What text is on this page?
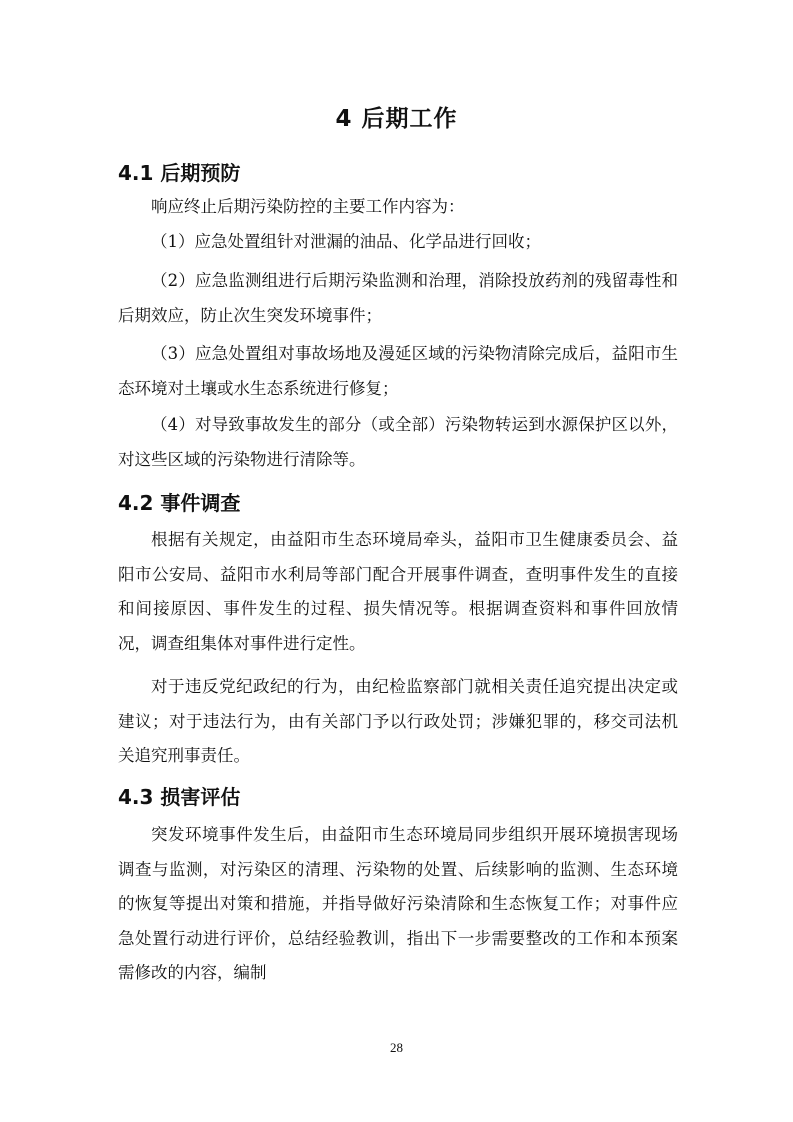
4 后期工作
4.1 后期预防

响应终止后期污染防控的主要工作内容为：

（1）应急处置组针对泄漏的油品、化学品进行回收；

（2）应急监测组进行后期污染监测和治理，消除投放药剂的残留毒性和后期效应，防止次生突发环境事件；

（3）应急处置组对事故场地及漫延区域的污染物清除完成后，益阳市生态环境对土壤或水生态系统进行修复；

（4）对导致事故发生的部分（或全部）污染物转运到水源保护区以外，对这些区域的污染物进行清除等。

4.2 事件调查

根据有关规定，由益阳市生态环境局牵头，益阳市卫生健康委员会、益阳市公安局、益阳市水利局等部门配合开展事件调查，查明事件发生的直接和间接原因、事件发生的过程、损失情况等。根据调查资料和事件回放情况，调查组集体对事件进行定性。

对于违反党纪政纪的行为，由纪检监察部门就相关责任追究提出决定或建议；对于违法行为，由有关部门予以行政处罚；涉嫌犯罪的，移交司法机关追究刑事责任。

4.3 损害评估

突发环境事件发生后，由益阳市生态环境局同步组织开展环境损害现场调查与监测，对污染区的清理、污染物的处置、后续影响的监测、生态环境的恢复等提出对策和措施，并指导做好污染清除和生态恢复工作；对事件应急处置行动进行评价，总结经验教训，指出下一步需要整改的工作和本预案需修改的内容，编制

28
